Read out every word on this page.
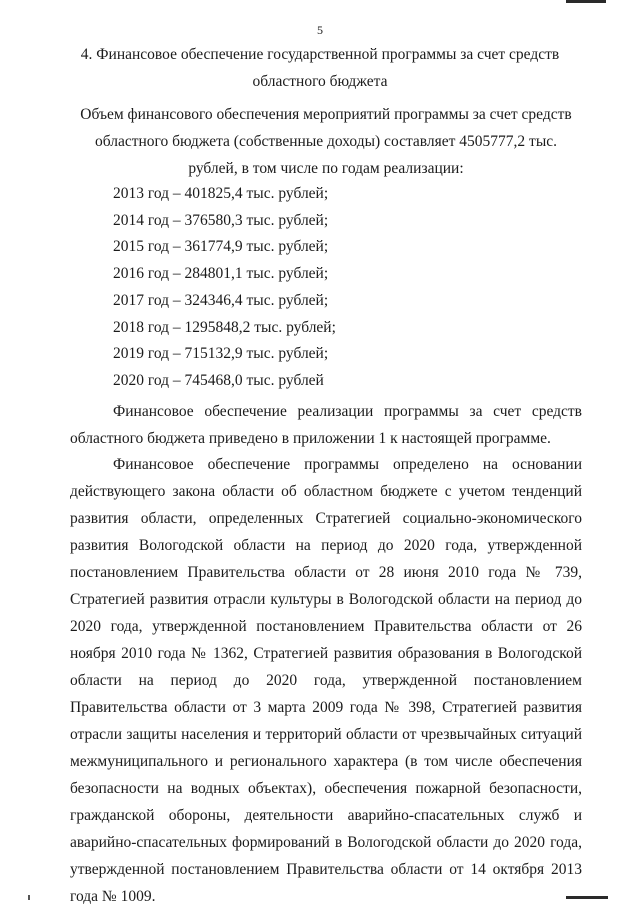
5
4. Финансовое обеспечение государственной программы за счет средств областного бюджета
Объем финансового обеспечения мероприятий программы за счет средств областного бюджета (собственные доходы) составляет 4505777,2 тыс. рублей, в том числе по годам реализации:
2013 год – 401825,4 тыс. рублей;
2014 год – 376580,3 тыс. рублей;
2015 год – 361774,9 тыс. рублей;
2016 год – 284801,1 тыс. рублей;
2017 год – 324346,4 тыс. рублей;
2018 год – 1295848,2 тыс. рублей;
2019 год – 715132,9 тыс. рублей;
2020 год – 745468,0 тыс. рублей
Финансовое обеспечение реализации программы за счет средств областного бюджета приведено в приложении 1 к настоящей программе.
Финансовое обеспечение программы определено на основании действующего закона области об областном бюджете с учетом тенденций развития области, определенных Стратегией социально-экономического развития Вологодской области на период до 2020 года, утвержденной постановлением Правительства области от 28 июня 2010 года № 739, Стратегией развития отрасли культуры в Вологодской области на период до 2020 года, утвержденной постановлением Правительства области от 26 ноября 2010 года № 1362, Стратегией развития образования в Вологодской области на период до 2020 года, утвержденной постановлением Правительства области от 3 марта 2009 года № 398, Стратегией развития отрасли защиты населения и территорий области от чрезвычайных ситуаций межмуниципального и регионального характера (в том числе обеспечения безопасности на водных объектах), обеспечения пожарной безопасности, гражданской обороны, деятельности аварийно-спасательных служб и аварийно-спасательных формирований в Вологодской области до 2020 года, утвержденной постановлением Правительства области от 14 октября 2013 года № 1009.
